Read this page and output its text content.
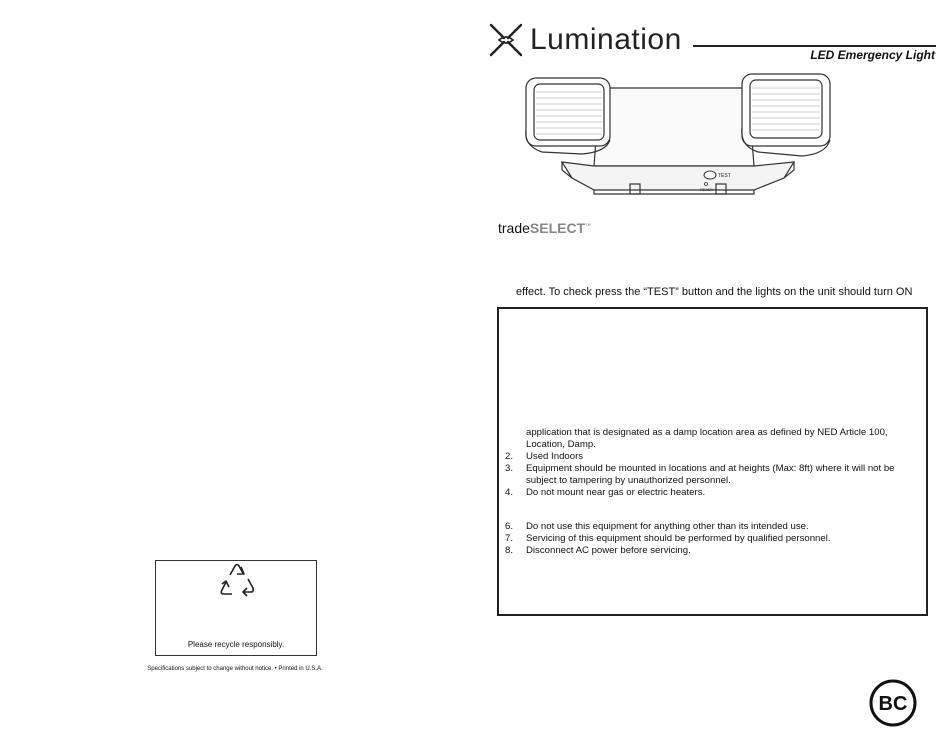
Lumination	LED Emergency Light
TEST
READY
tradeSELECT™
effect. To check press the “TEST” button and the lights on the unit should turn ON
application that is designated as a damp location area as defined by NED Article 100,
Location, Damp.
2. Used Indoors
3. Equipment should be mounted in locations and at heights (Max: 8ft) where it will not be
subject to tampering by unauthorized personnel.
4. Do not mount near gas or electric heaters.
6. Do not use this equipment for anything other than its intended use.
7. Servicing of this equipment should be performed by qualified personnel.
8. Disconnect AC power before servicing.
Please recycle responsibly.
Specifications subject to change without notice. • Printed in U.S.A.
BC
